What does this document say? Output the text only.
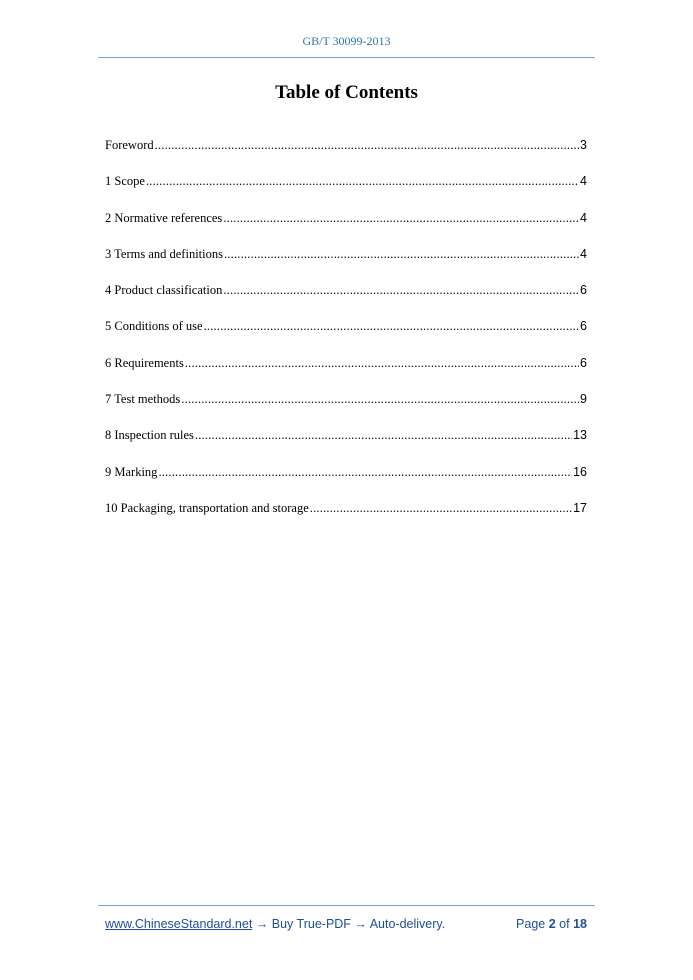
GB/T 30099-2013
Table of Contents
Foreword .....	3
1 Scope .....	4
2 Normative references .....	4
3 Terms and definitions .....	4
4 Product classification .....	6
5 Conditions of use .....	6
6 Requirements .....	6
7 Test methods .....	9
8 Inspection rules .....	13
9 Marking .....	16
10 Packaging, transportation and storage .....	17
www.ChineseStandard.net → Buy True-PDF → Auto-delivery.	Page 2 of 18
